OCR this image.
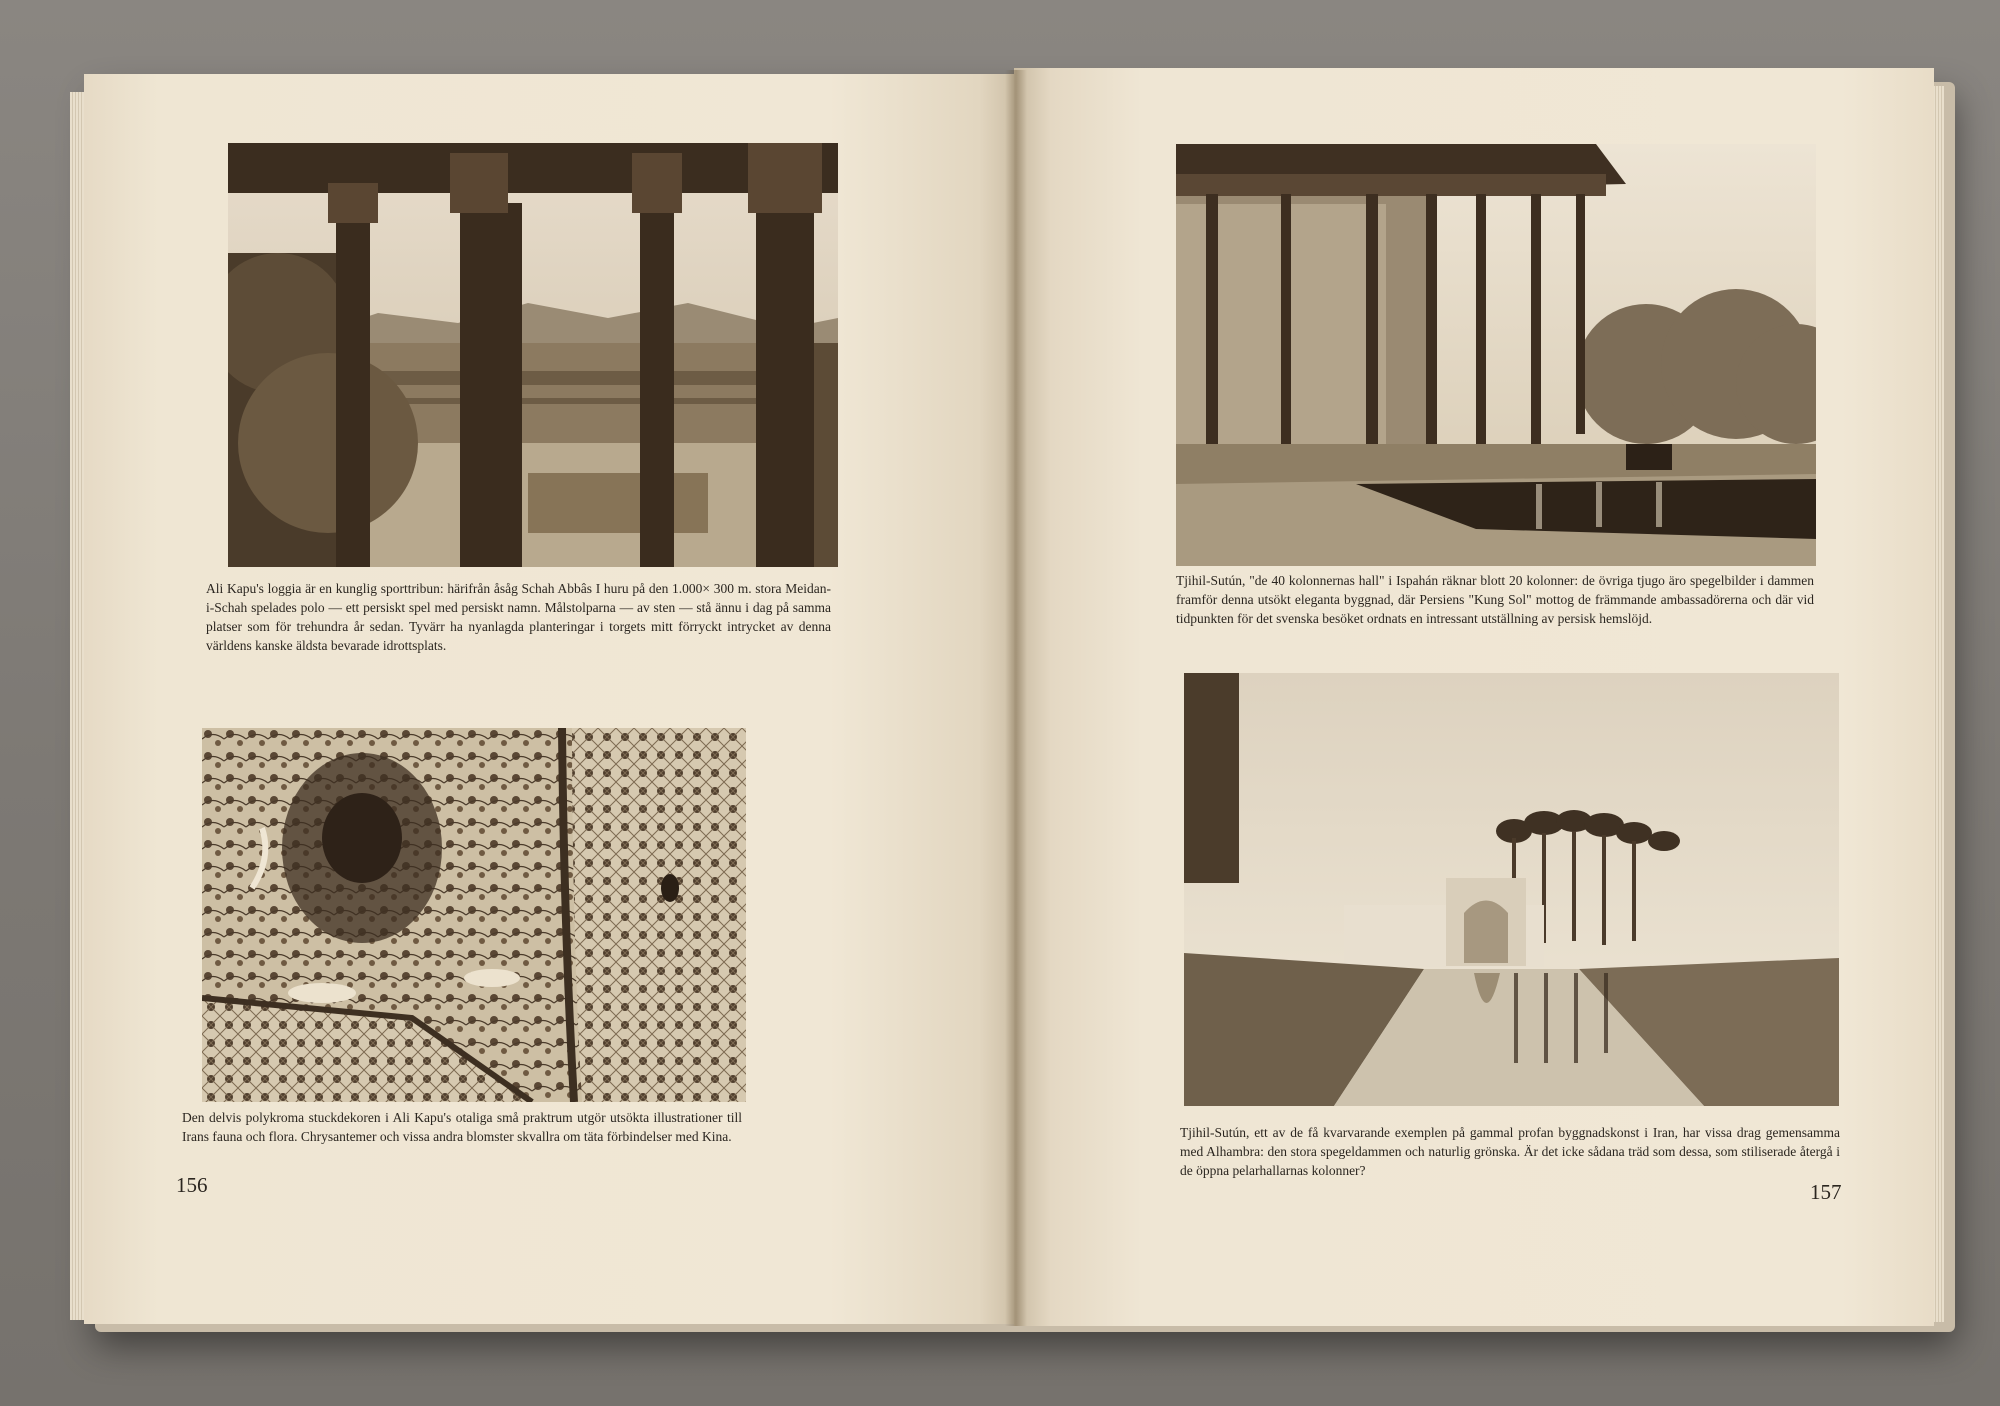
Ali Kapu's loggia är en kunglig sporttribun: härifrån åsåg Schah Abbâs I huru på den 1.000× 300 m. stora Meidan-i-Schah spelades polo — ett persiskt spel med persiskt namn. Målstolparna — av sten — stå ännu i dag på samma platser som för trehundra år sedan. Tyvärr ha nyanlagda planteringar i torgets mitt förryckt intrycket av denna världens kanske äldsta bevarade idrottsplats.

Den delvis polykroma stuckdekoren i Ali Kapu's otaliga små praktrum utgör utsökta illustrationer till Irans fauna och flora. Chrysantemer och vissa andra blomster skvallra om täta förbindelser med Kina.

156

Tjihil-Sutún, "de 40 kolonnernas hall" i Ispahán räknar blott 20 kolonner: de övriga tjugo äro spegelbilder i dammen framför denna utsökt eleganta byggnad, där Persiens "Kung Sol" mottog de främmande ambassadörerna och där vid tidpunkten för det svenska besöket ordnats en intressant utställning av persisk hemslöjd.

Tjihil-Sutún, ett av de få kvarvarande exemplen på gammal profan byggnadskonst i Iran, har vissa drag gemensamma med Alhambra: den stora spegeldammen och naturlig grönska. Är det icke sådana träd som dessa, som stiliserade återgå i de öppna pelarhallarnas kolonner?

157
